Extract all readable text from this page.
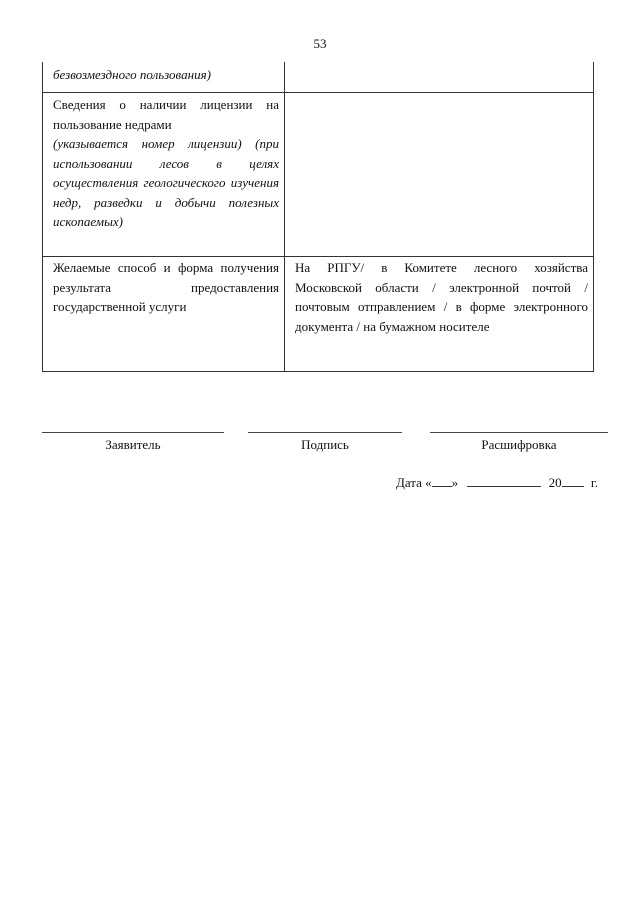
53
безвозмездного пользования)	

Сведения о наличии лицензии на пользование недрами
(указывается номер лицензии) (при использовании лесов в целях осуществления геологического изучения недр, разведки и добычи полезных ископаемых)	

Желаемые способ и форма получения результата предоставления государственной услуги	На РПГУ/ в Комитете лесного хозяйства Московской области / электронной почтой /почтовым отправлением / в форме электронного документа / на бумажном носителе
Заявитель	Подпись	Расшифровка
Дата « »	20 г.
